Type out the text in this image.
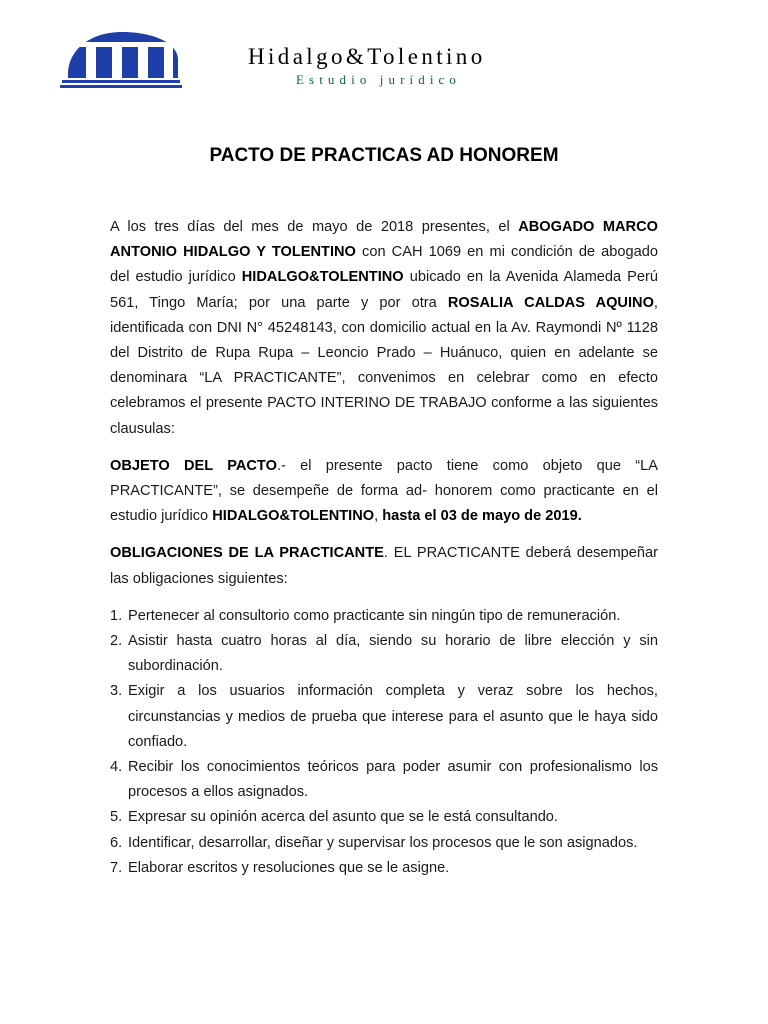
Hidalgo&Tolentino
Estudio jurídico
PACTO DE PRACTICAS AD HONOREM

A los tres días del mes de mayo de 2018 presentes, el ABOGADO MARCO ANTONIO HIDALGO Y TOLENTINO con CAH 1069 en mi condición de abogado del estudio jurídico HIDALGO&TOLENTINO ubicado en la Avenida Alameda Perú 561, Tingo María; por una parte y por otra ROSALIA CALDAS AQUINO, identificada con DNI N° 45248143, con domicilio actual en la Av. Raymondi Nº 1128 del Distrito de Rupa Rupa – Leoncio Prado – Huánuco, quien en adelante se denominara “LA PRACTICANTE”, convenimos en celebrar como en efecto celebramos el presente PACTO INTERINO DE TRABAJO conforme a las siguientes clausulas:

OBJETO DEL PACTO.- el presente pacto tiene como objeto que “LA PRACTICANTE”, se desempeñe de forma ad- honorem como practicante en el estudio jurídico HIDALGO&TOLENTINO, hasta el 03 de mayo de 2019.

OBLIGACIONES DE LA PRACTICANTE. EL PRACTICANTE deberá desempeñar las obligaciones siguientes:

1. Pertenecer al consultorio como practicante sin ningún tipo de remuneración.
2. Asistir hasta cuatro horas al día, siendo su horario de libre elección y sin subordinación.
3. Exigir a los usuarios información completa y veraz sobre los hechos, circunstancias y medios de prueba que interese para el asunto que le haya sido confiado.
4. Recibir los conocimientos teóricos para poder asumir con profesionalismo los procesos a ellos asignados.
5. Expresar su opinión acerca del asunto que se le está consultando.
6. Identificar, desarrollar, diseñar y supervisar los procesos que le son asignados.
7. Elaborar escritos y resoluciones que se le asigne.
